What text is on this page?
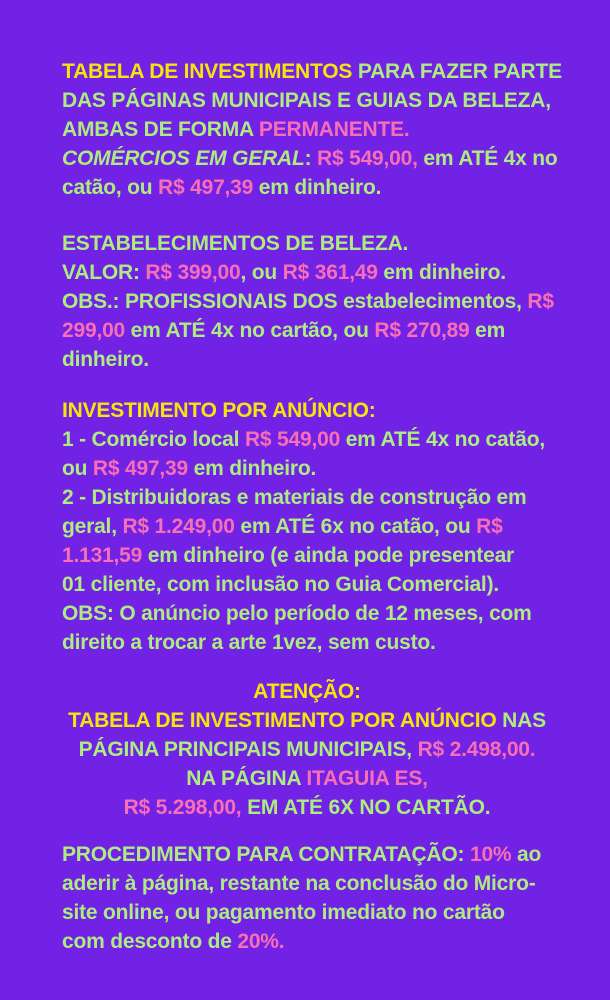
TABELA DE INVESTIMENTOS PARA FAZER PARTE
DAS PÁGINAS MUNICIPAIS E GUIAS DA BELEZA,
AMBAS DE FORMA PERMANENTE.
COMÉRCIOS EM GERAL: R$ 549,00, em ATÉ 4x no
catão, ou R$ 497,39 em dinheiro.
ESTABELECIMENTOS DE BELEZA.
VALOR: R$ 399,00, ou R$ 361,49 em dinheiro.
OBS.: PROFISSIONAIS DOS estabelecimentos, R$
299,00 em ATÉ 4x no cartão, ou R$ 270,89 em
dinheiro.
INVESTIMENTO POR ANÚNCIO:
1 - Comércio local R$ 549,00 em ATÉ 4x no catão,
ou R$ 497,39 em dinheiro.
2 - Distribuidoras e materiais de construção em
geral, R$ 1.249,00 em ATÉ 6x no catão, ou R$
1.131,59 em dinheiro (e ainda pode presentear
01 cliente, com inclusão no Guia Comercial).
OBS: O anúncio pelo período de 12 meses, com
direito a trocar a arte 1vez, sem custo.
ATENÇÃO:
TABELA DE INVESTIMENTO POR ANÚNCIO NAS
PÁGINA PRINCIPAIS MUNICIPAIS, R$ 2.498,00.
NA PÁGINA ITAGUIA ES,
R$ 5.298,00, EM ATÉ 6X NO CARTÃO.
PROCEDIMENTO PARA CONTRATAÇÃO: 10% ao
aderir à página, restante na conclusão do Micro-
site online, ou pagamento imediato no cartão
com desconto de 20%.
